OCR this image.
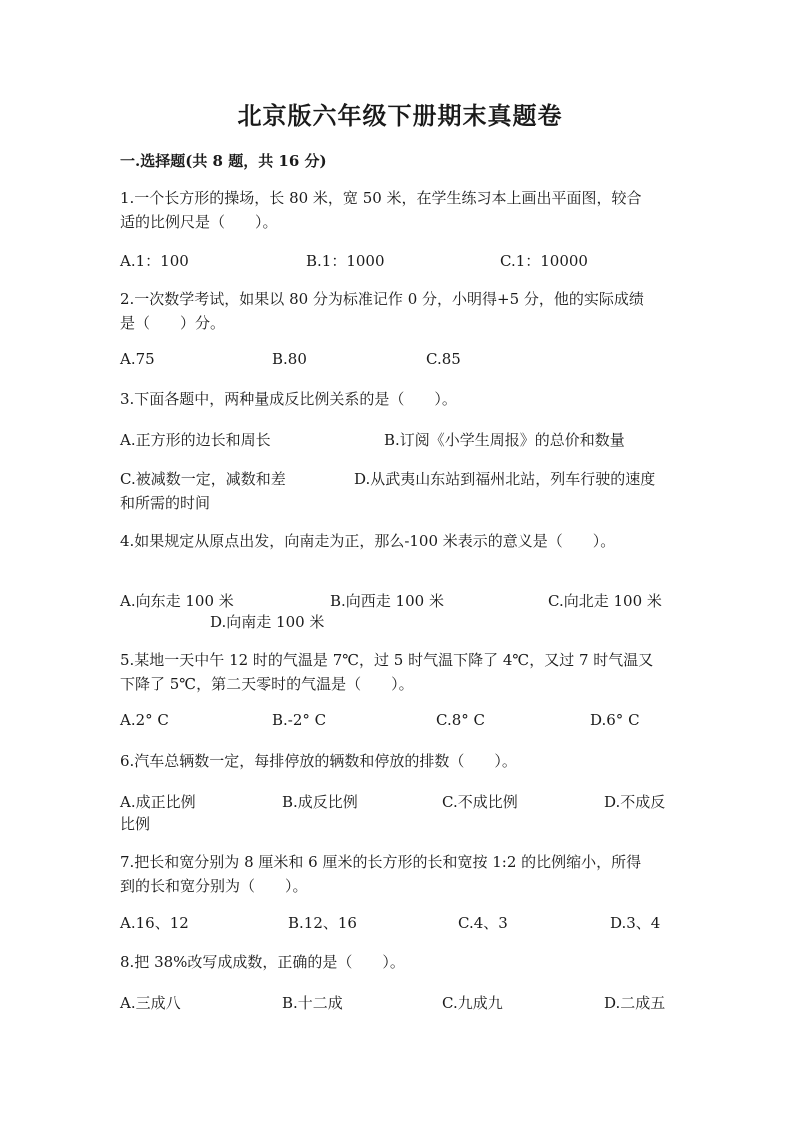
北京版六年级下册期末真题卷
一.选择题(共 8 题，共 16 分)
1.一个长方形的操场，长 80 米，宽 50 米，在学生练习本上画出平面图，较合
适的比例尺是（　　）。
A.1：100	B.1：1000	C.1：10000
2.一次数学考试，如果以 80 分为标准记作 0 分，小明得+5 分，他的实际成绩
是（　　）分。
A.75	B.80	C.85
3.下面各题中，两种量成反比例关系的是（　　）。
A.正方形的边长和周长	B.订阅《小学生周报》的总价和数量
C.被减数一定，减数和差	D.从武夷山东站到福州北站，列车行驶的速度
和所需的时间
4.如果规定从原点出发，向南走为正，那么-100 米表示的意义是（　　）。
A.向东走 100 米	B.向西走 100 米	C.向北走 100 米
D.向南走 100 米
5.某地一天中午 12 时的气温是 7℃，过 5 时气温下降了 4℃，又过 7 时气温又
下降了 5℃，第二天零时的气温是（　　）。
A.2° C	B.-2° C	C.8° C	D.6° C
6.汽车总辆数一定，每排停放的辆数和停放的排数（　　）。
A.成正比例	B.成反比例	C.不成比例	D.不成反
比例
7.把长和宽分别为 8 厘米和 6 厘米的长方形的长和宽按 1:2 的比例缩小，所得
到的长和宽分别为（　　）。
A.16、12	B.12、16	C.4、3	D.3、4
8.把 38%改写成成数，正确的是（　　）。
A.三成八	B.十二成	C.九成九	D.二成五
